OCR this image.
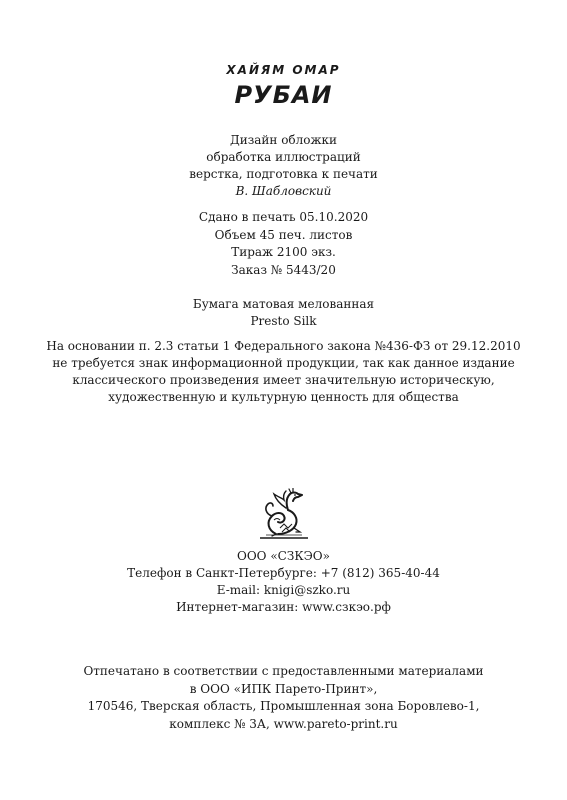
ХАЙЯМ ОМАР
РУБАИ
Дизайн обложки
обработка иллюстраций
верстка, подготовка к печати
В. Шабловский
Сдано в печать 05.10.2020
Объем 45 печ. листов
Тираж 2100 экз.
Заказ № 5443/20
Бумага матовая мелованная
Presto Silk
На основании п. 2.3 статьи 1 Федерального закона №436-ФЗ от 29.12.2010
не требуется знак информационной продукции, так как данное издание
классического произведения имеет значительную историческую,
художественную и культурную ценность для общества
ООО «СЗКЭО»
Телефон в Санкт-Петербурге: +7 (812) 365-40-44
E-mail: knigi@szko.ru
Интернет-магазин: www.сзкэо.рф
Отпечатано в соответствии с предоставленными материалами
в ООО «ИПК Парето-Принт»,
170546, Тверская область, Промышленная зона Боровлево-1,
комплекс № 3А, www.pareto-print.ru
